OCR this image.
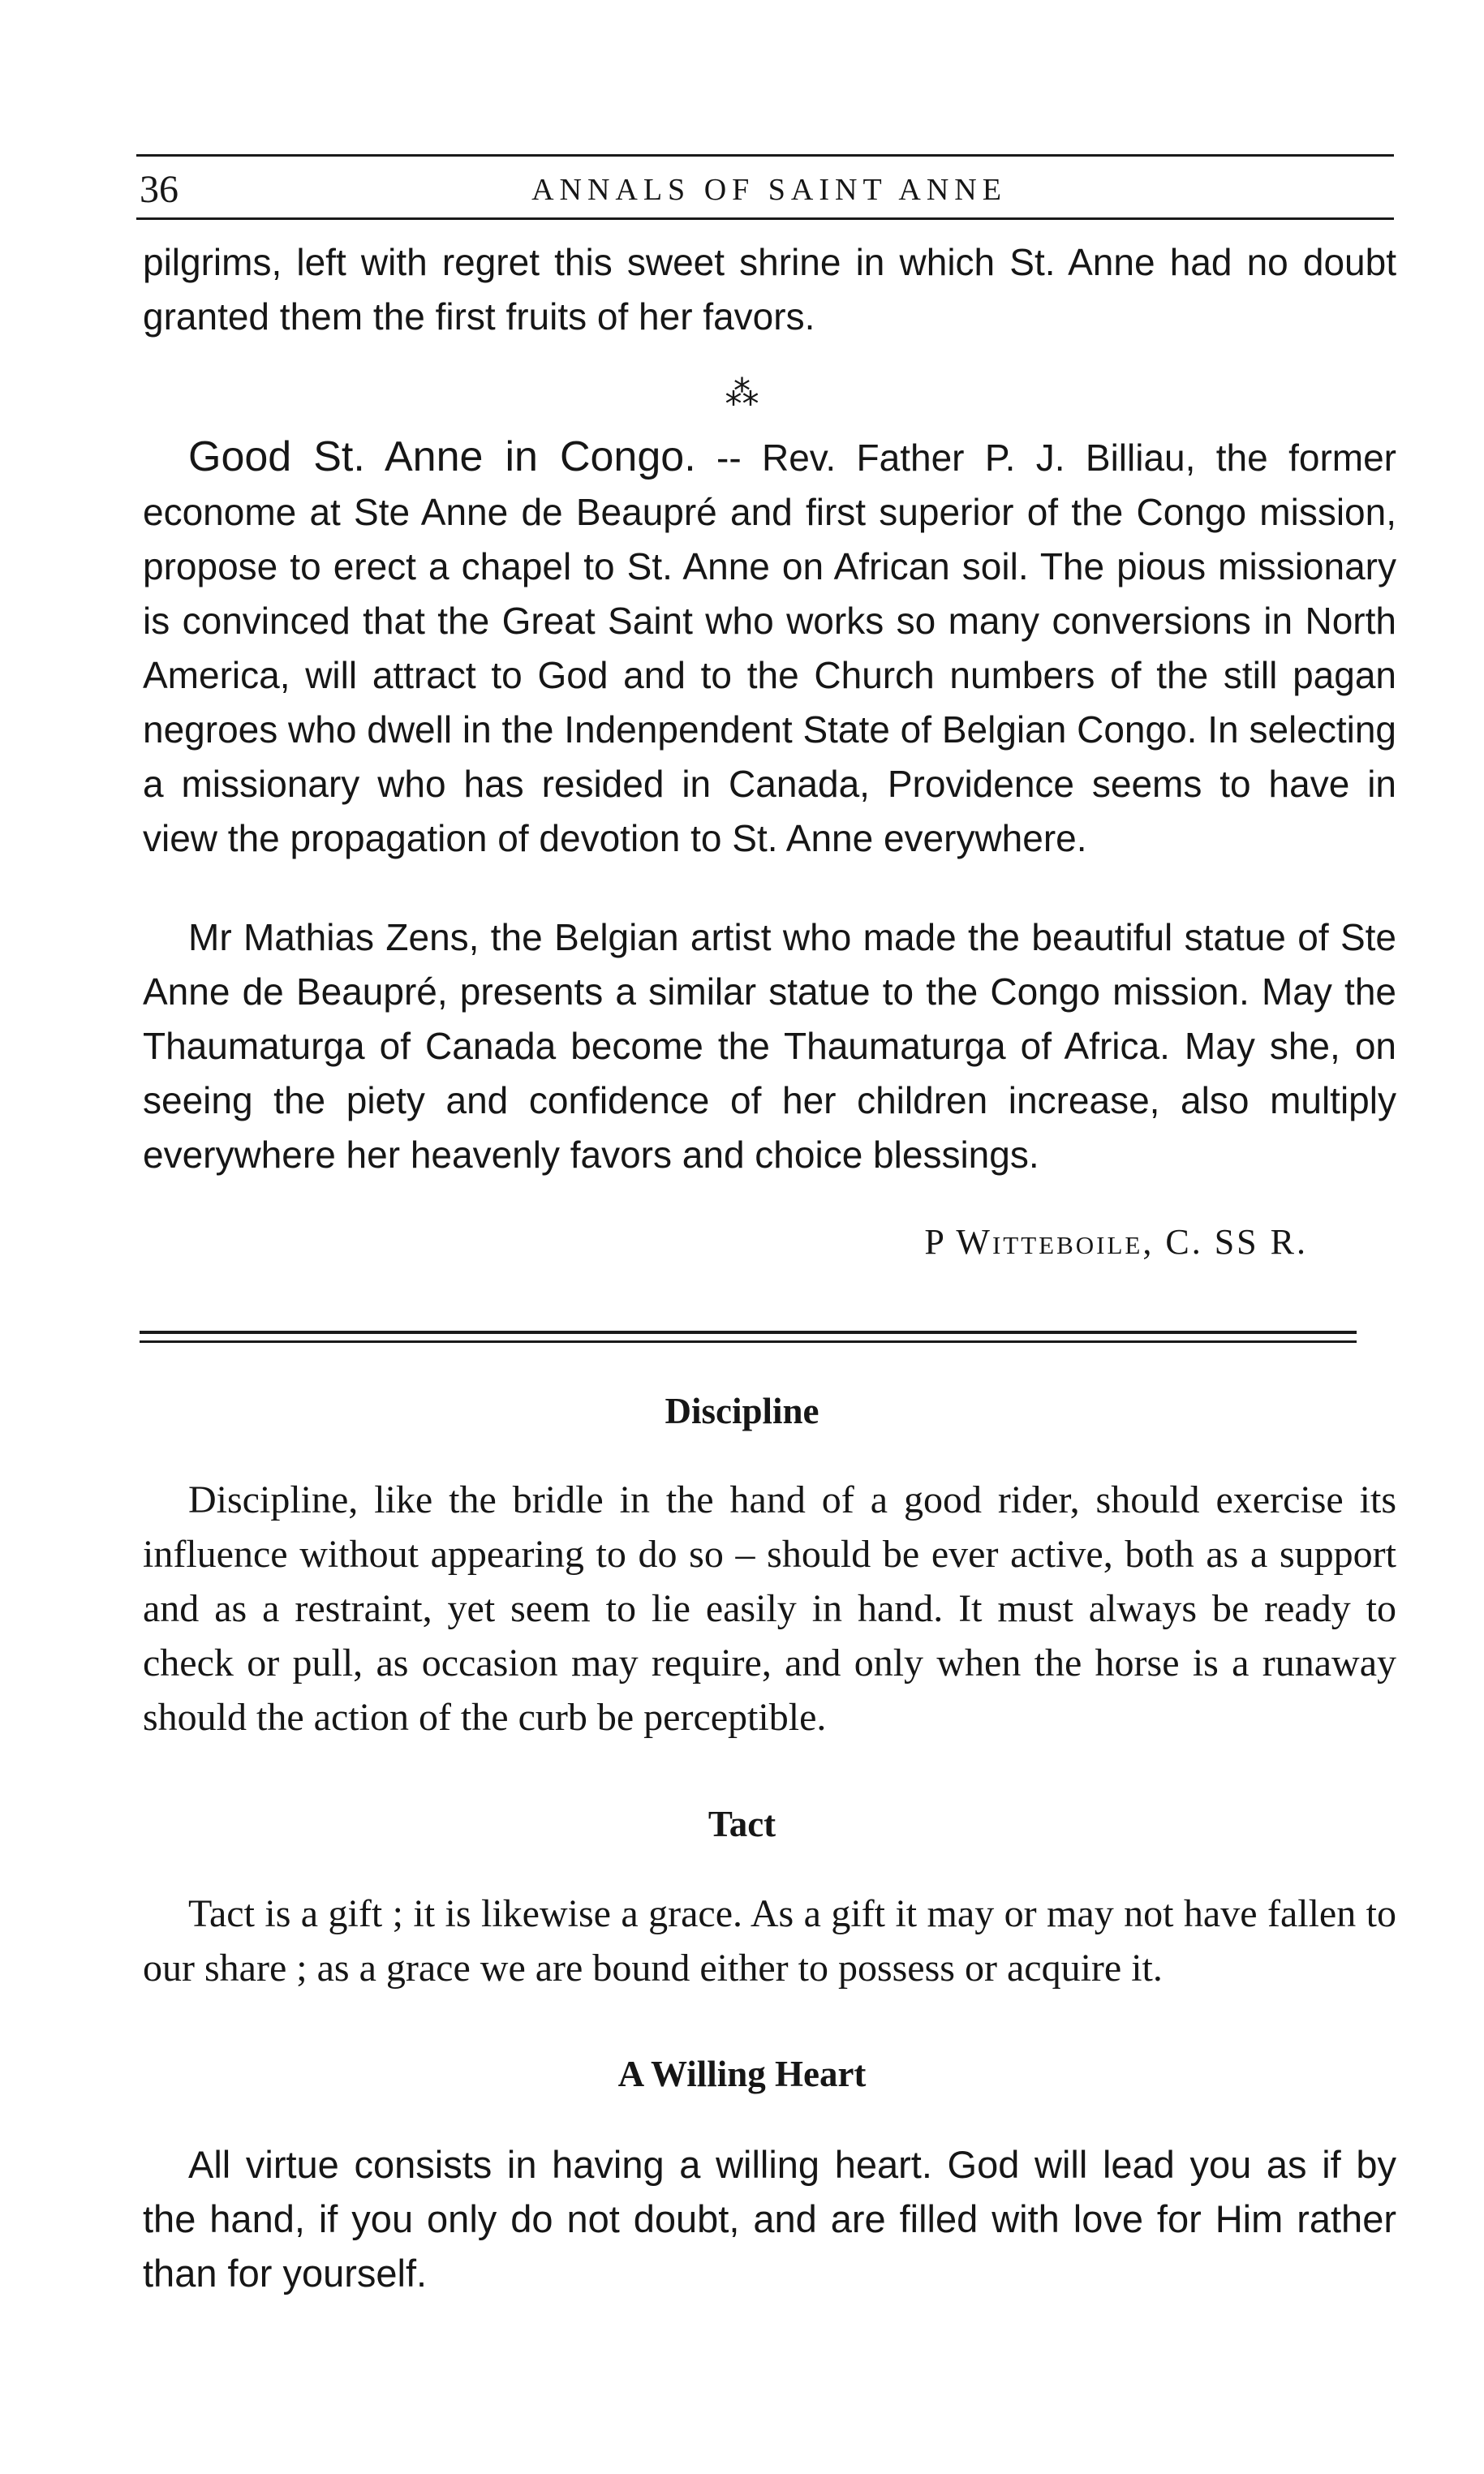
36	ANNALS OF SAINT ANNE

pilgrims, left with regret this sweet shrine in which St. Anne had no doubt granted them the first fruits of her favors.

⁂

Good St. Anne in Congo. -- Rev. Father P. J. Billiau, the former econome at Ste Anne de Beaupré and first superior of the Congo mission, propose to erect a chapel to St. Anne on African soil. The pious missionary is convinced that the Great Saint who works so many conversions in North America, will attract to God and to the Church numbers of the still pagan negroes who dwell in the Indenpendent State of Belgian Congo. In selecting a missionary who has resided in Canada, Providence seems to have in view the propagation of devotion to St. Anne everywhere.

Mr Mathias Zens, the Belgian artist who made the beautiful statue of Ste Anne de Beaupré, presents a similar statue to the Congo mission. May the Thaumaturga of Canada become the Thaumaturga of Africa. May she, on seeing the piety and confidence of her children increase, also multiply everywhere her heavenly favors and choice blessings.

P Witteboile, C. SS R.
Discipline

Discipline, like the bridle in the hand of a good rider, should exercise its influence without appearing to do so – should be ever active, both as a support and as a restraint, yet seem to lie easily in hand. It must always be ready to check or pull, as occasion may require, and only when the horse is a runaway should the action of the curb be perceptible.

Tact

Tact is a gift ; it is likewise a grace. As a gift it may or may not have fallen to our share ; as a grace we are bound either to possess or acquire it.

A Willing Heart

All virtue consists in having a willing heart. God will lead you as if by the hand, if you only do not doubt, and are filled with love for Him rather than for yourself.
